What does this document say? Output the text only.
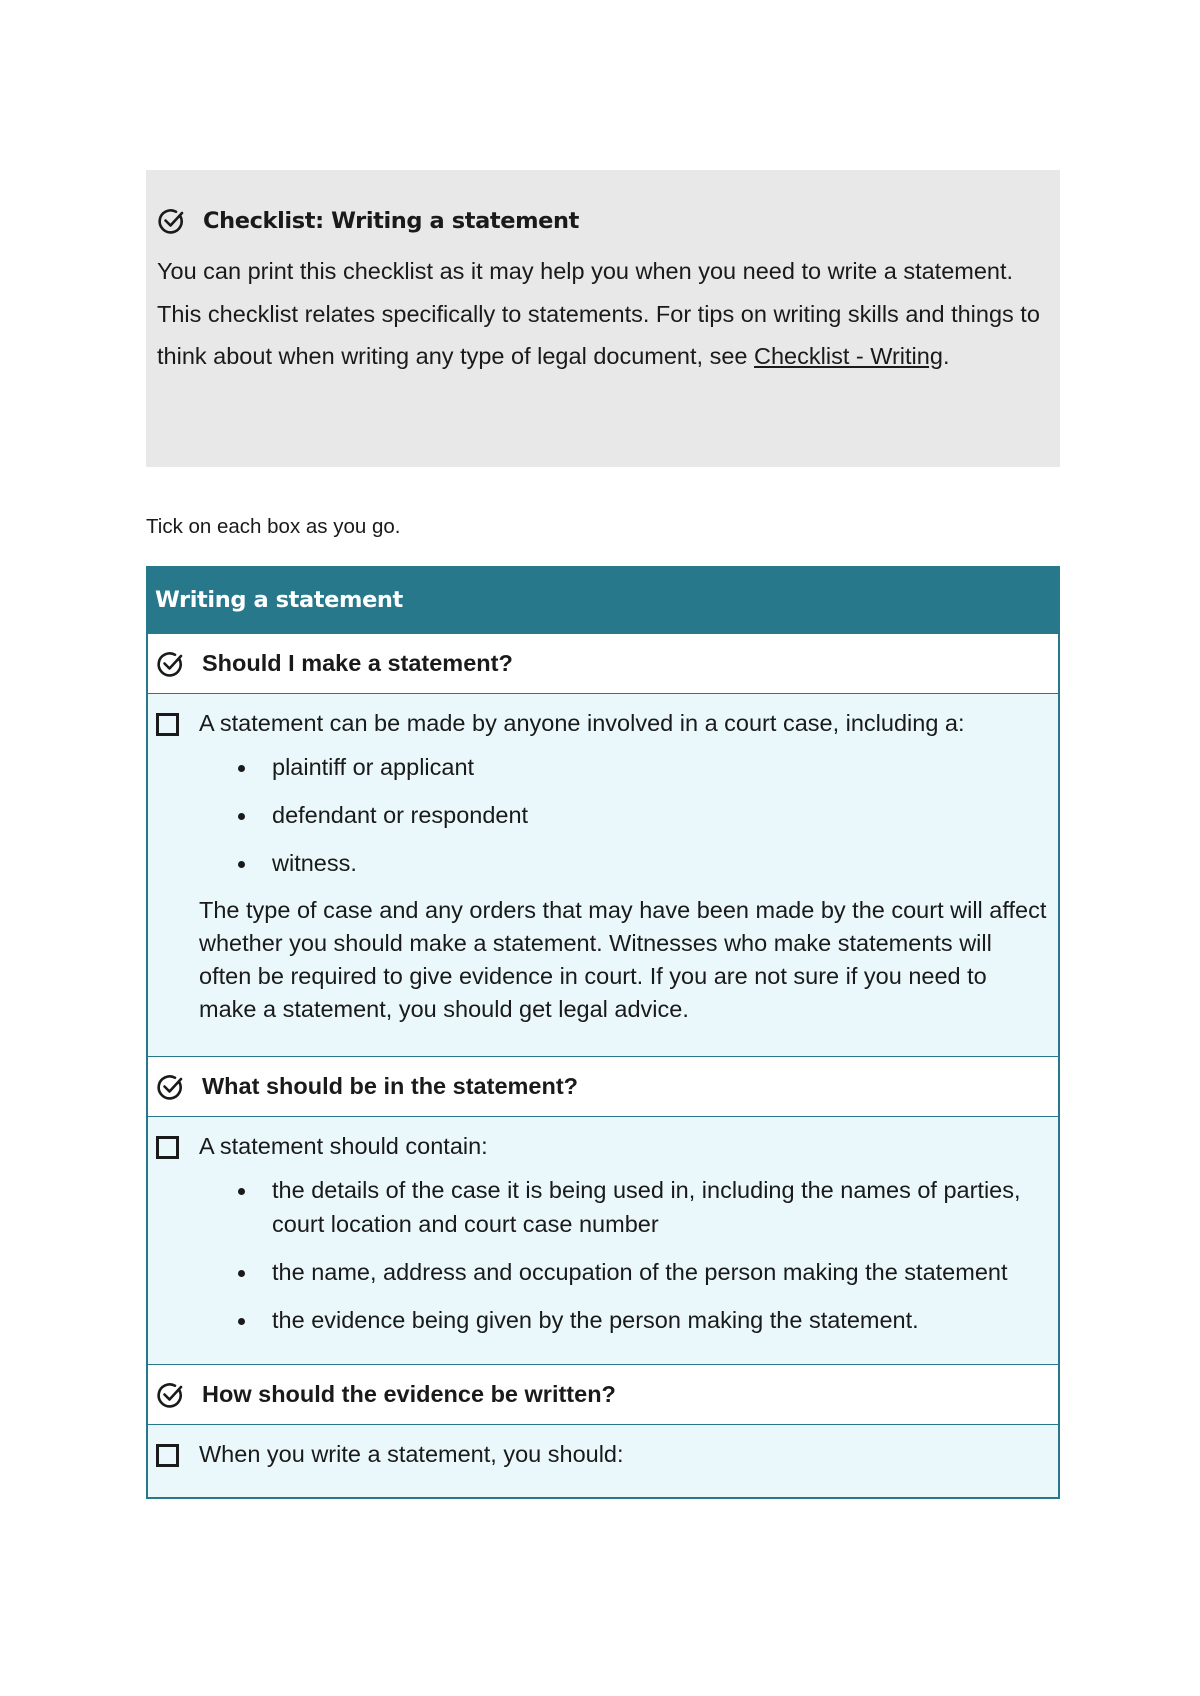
Checklist: Writing a statement
You can print this checklist as it may help you when you need to write a statement. This checklist relates specifically to statements. For tips on writing skills and things to think about when writing any type of legal document, see Checklist - Writing.
Tick on each box as you go.
Writing a statement
Should I make a statement?
A statement can be made by anyone involved in a court case, including a:
plaintiff or applicant
defendant or respondent
witness.
The type of case and any orders that may have been made by the court will affect whether you should make a statement. Witnesses who make statements will often be required to give evidence in court. If you are not sure if you need to make a statement, you should get legal advice.
What should be in the statement?
A statement should contain:
the details of the case it is being used in, including the names of parties, court location and court case number
the name, address and occupation of the person making the statement
the evidence being given by the person making the statement.
How should the evidence be written?
When you write a statement, you should:
